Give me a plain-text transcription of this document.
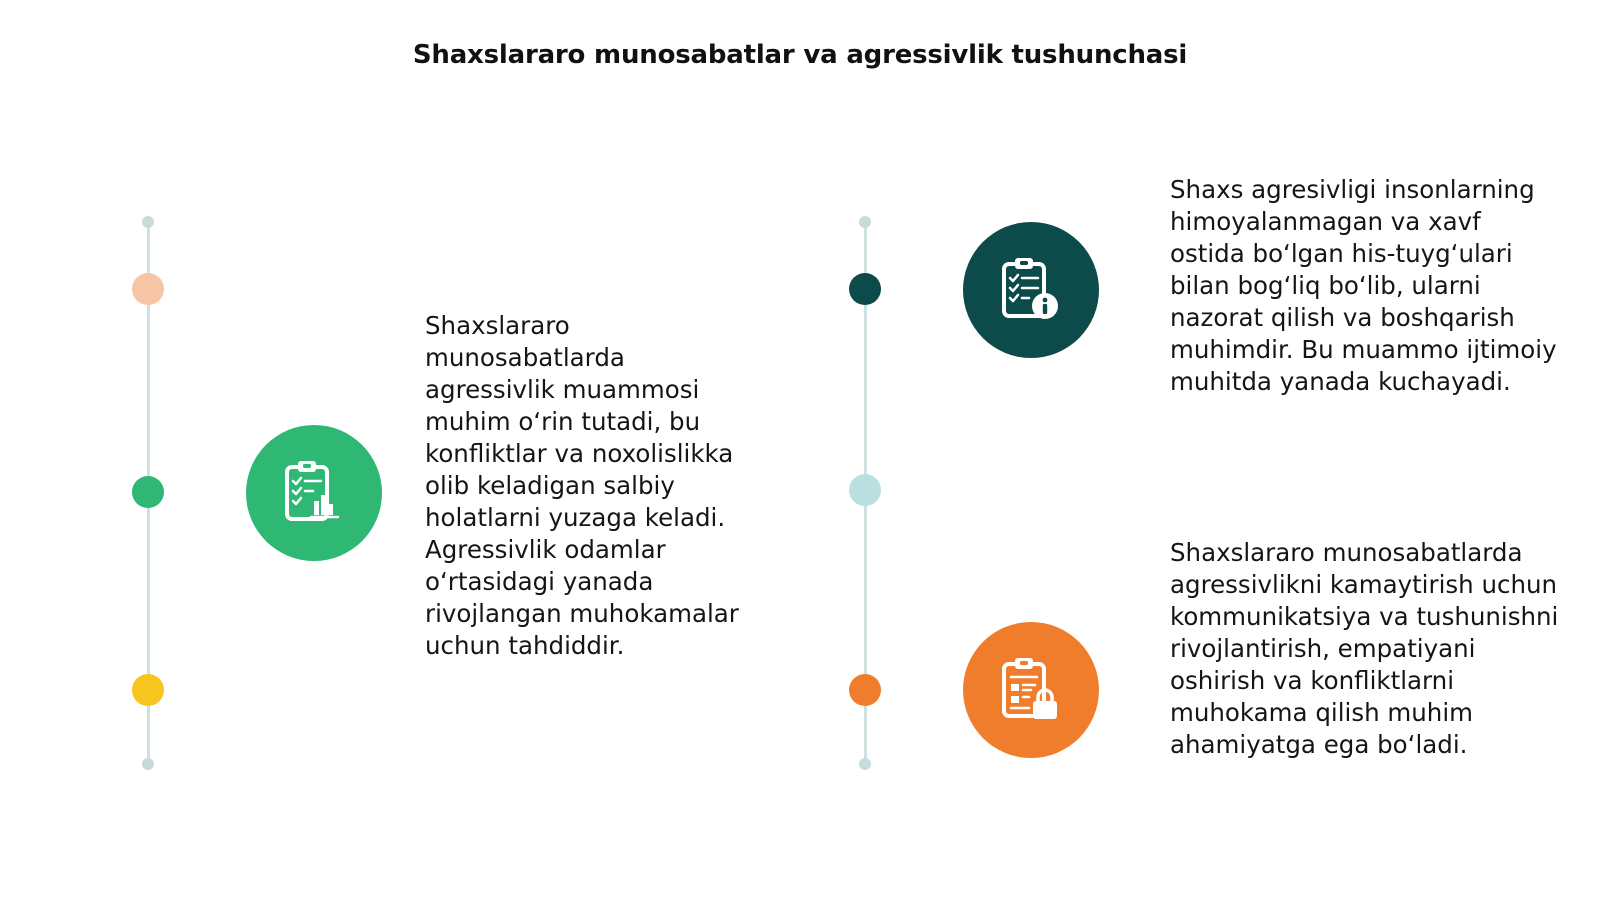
Shaxslararo munosabatlar va agressivlik tushunchasi
Shaxslararo munosabatlarda agressivlik muammosi muhim o‘rin tutadi, bu konfliktlar va noxolislikka olib keladigan salbiy holatlarni yuzaga keladi. Agressivlik odamlar o‘rtasidagi yanada rivojlangan muhokamalar uchun tahdiddir.
Shaxs agresivligi insonlarning himoyalanmagan va xavf ostida bo‘lgan his-tuyg‘ulari bilan bog‘liq bo‘lib, ularni nazorat qilish va boshqarish muhimdir. Bu muammo ijtimoiy muhitda yanada kuchayadi.
Shaxslararo munosabatlarda agressivlikni kamaytirish uchun kommunikatsiya va tushunishni rivojlantirish, empatiyani oshirish va konfliktlarni muhokama qilish muhim ahamiyatga ega bo‘ladi.
